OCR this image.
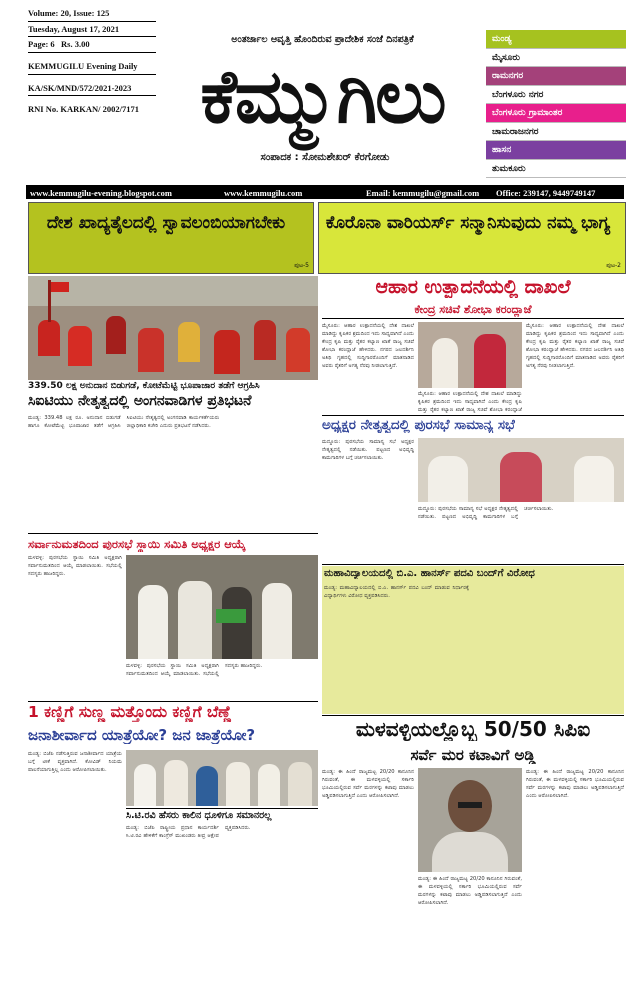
Volume: 20, Issue: 125
Tuesday, August 17, 2021
Page: 6 Rs. 3.00
KEMMUGILU Evening Daily
KA/SK/MND/572/2021-2023
RNI No. KARKAN/ 2002/7171
ಅಂತರ್ಜಾಲ ಆವೃತ್ತಿ ಹೊಂದಿರುವ ಪ್ರಾದೇಶಿಕ ಸಂಜೆ ದಿನಪತ್ರಿಕೆ
ಕೆಮ್ಮುಗಿಲು
ಸಂಪಾದಕ : ಸೋಮಶೇಖರ್ ಕೆರಗೋಡು
ಮಂಡ್ಯ
ಮೈಸೂರು
ರಾಮನಗರ
ಬೆಂಗಳೂರು ನಗರ
ಬೆಂಗಳೂರು ಗ್ರಾಮಾಂತರ
ಚಾಮರಾಜನಗರ
ಹಾಸನ
ತುಮಕೂರು
www.kemmugilu-evening.blogspot.com	www.kemmugilu.com	Email: kemmugilu@gmail.com Office: 239147, 9449749147
ದೇಶ ಖಾದ್ಯತೈಲದಲ್ಲಿ ಸ್ವಾವಲಂಬಿಯಾಗಬೇಕು
ಪುಟ-5
ಕೊರೊನಾ ವಾರಿಯರ್ಸ್ ಸನ್ಮಾನಿಸುವುದು ನಮ್ಮ ಭಾಗ್ಯ
ಪುಟ-2
339.50 ಲಕ್ಷ ಅನುದಾನ ಬಿಡುಗಡೆ, ಕೋಟೆಮೆಟ್ಟಿ ಭೂಪಾಜಾರ ತಡೆಗೆ ಆಗ್ರಹಿಸಿ
ಸಿಐಟಿಯು ನೇತೃತ್ವದಲ್ಲಿ ಅಂಗನವಾಡಿಗಳ ಪ್ರತಿಭಟನೆ
ಮಂಡ್ಯ: 339.48 ಲಕ್ಷ ರೂ. ಅನುದಾನ ಬಿಡುಗಡೆ ಹಾಗೂ ಕೋಟೆಮೆಟ್ಟಿ ಭೂಪಾಜಾರ ತಡೆಗೆ ಆಗ್ರಹಿಸಿ ಸಿಐಟಿಯು ನೇತೃತ್ವದಲ್ಲಿ ಅಂಗನವಾಡಿ ಕಾರ್ಯಕರ್ತೆಯರು ಜಿಲ್ಲಾಧಿಕಾರಿ ಕಚೇರಿ ಎದುರು ಪ್ರತಿಭಟನೆ ನಡೆಸಿದರು.
ಸರ್ವಾನುಮತದಿಂದ ಪುರಸಭೆ ಸ್ಥಾಯಿ ಸಮಿತಿ ಅಧ್ಯಕ್ಷರ ಆಯ್ಕೆ
ಮಳವಳ್ಳಿ: ಪುರಸಭೆಯ ಸ್ಥಾಯಿ ಸಮಿತಿ ಅಧ್ಯಕ್ಷರಾಗಿ ಸರ್ವಾನುಮತದಿಂದ ಆಯ್ಕೆ ಮಾಡಲಾಯಿತು. ಸಭೆಯಲ್ಲಿ ಸದಸ್ಯರು ಹಾಜರಿದ್ದರು.
ಮಳವಳ್ಳಿ: ಪುರಸಭೆಯ ಸ್ಥಾಯಿ ಸಮಿತಿ ಅಧ್ಯಕ್ಷರಾಗಿ ಸರ್ವಾನುಮತದಿಂದ ಆಯ್ಕೆ ಮಾಡಲಾಯಿತು. ಸಭೆಯಲ್ಲಿ ಸದಸ್ಯರು ಹಾಜರಿದ್ದರು.
1 ಕಣ್ಣಿಗೆ ಸುಣ್ಣ ಮತ್ತೊಂದು ಕಣ್ಣಿಗೆ ಬೆಣ್ಣೆ
ಜನಾಶೀರ್ವಾದ ಯಾತ್ರೆಯೋ? ಜನ ಜಾತ್ರೆಯೋ?
ಮಂಡ್ಯ: ಬಿಜೆಪಿ ನಡೆಸುತ್ತಿರುವ ಜನಾಶೀರ್ವಾದ ಯಾತ್ರೆಯ ಬಗ್ಗೆ ಟೀಕೆ ವ್ಯಕ್ತವಾಗಿದೆ. ಕೋವಿಡ್ ನಿಯಮ ಪಾಲನೆಯಾಗುತ್ತಿಲ್ಲ ಎಂದು ಆರೋಪಿಸಲಾಯಿತು.
ಸಿ.ಟಿ.ರವಿ ಹೆಸರು ಕಾಲಿನ ಧೂಳಿಗೂ ಸಮಾನರಲ್ಲ
ಮಂಡ್ಯ: ಬಿಜೆಪಿ ರಾಷ್ಟ್ರೀಯ ಪ್ರಧಾನ ಕಾರ್ಯದರ್ಶಿ ಸಿ.ಟಿ.ರವಿ ಹೇಳಿಕೆಗೆ ಕಾಂಗ್ರೆಸ್ ಮುಖಂಡರು ತೀವ್ರ ಆಕ್ಷೇಪ ವ್ಯಕ್ತಪಡಿಸಿದರು.
ಆಹಾರ ಉತ್ಪಾದನೆಯಲ್ಲಿ ದಾಖಲೆ
ಕೇಂದ್ರ ಸಚಿವೆ ಶೋಭಾ ಕರಂದ್ಲಾಜೆ
ಮೈಸೂರು: ಆಹಾರ ಉತ್ಪಾದನೆಯಲ್ಲಿ ದೇಶ ದಾಖಲೆ ಮಾಡಿದ್ದು ಕೃಷಿಕರ ಶ್ರಮದಿಂದ ಇದು ಸಾಧ್ಯವಾಗಿದೆ ಎಂದು ಕೇಂದ್ರ ಕೃಷಿ ಮತ್ತು ರೈತರ ಕಲ್ಯಾಣ ಖಾತೆ ರಾಜ್ಯ ಸಚಿವೆ ಶೋಭಾ ಕರಂದ್ಲಾಜೆ ಹೇಳಿದರು. ನಗರದ ಜಲದರ್ಶಿನಿ ಅತಿಥಿ ಗೃಹದಲ್ಲಿ ಸುದ್ದಿಗಾರರೊಂದಿಗೆ ಮಾತನಾಡಿದ ಅವರು ರೈತರಿಗೆ ಅಗತ್ಯ ನೆರವು ನೀಡಲಾಗುತ್ತಿದೆ.
ಮೈಸೂರು: ಆಹಾರ ಉತ್ಪಾದನೆಯಲ್ಲಿ ದೇಶ ದಾಖಲೆ ಮಾಡಿದ್ದು ಕೃಷಿಕರ ಶ್ರಮದಿಂದ ಇದು ಸಾಧ್ಯವಾಗಿದೆ ಎಂದು ಕೇಂದ್ರ ಕೃಷಿ ಮತ್ತು ರೈತರ ಕಲ್ಯಾಣ ಖಾತೆ ರಾಜ್ಯ ಸಚಿವೆ ಶೋಭಾ ಕರಂದ್ಲಾಜೆ ಹೇಳಿದರು. ನಗರದ ಜಲದರ್ಶಿನಿ ಅತಿಥಿ ಗೃಹದಲ್ಲಿ ಸುದ್ದಿಗಾರರೊಂದಿಗೆ ಮಾತನಾಡಿದ ಅವರು ರೈತರಿಗೆ ಅಗತ್ಯ ನೆರವು ನೀಡಲಾಗುತ್ತಿದೆ.
ಮೈಸೂರು: ಆಹಾರ ಉತ್ಪಾದನೆಯಲ್ಲಿ ದೇಶ ದಾಖಲೆ ಮಾಡಿದ್ದು ಕೃಷಿಕರ ಶ್ರಮದಿಂದ ಇದು ಸಾಧ್ಯವಾಗಿದೆ ಎಂದು ಕೇಂದ್ರ ಕೃಷಿ ಮತ್ತು ರೈತರ ಕಲ್ಯಾಣ ಖಾತೆ ರಾಜ್ಯ ಸಚಿವೆ ಶೋಭಾ ಕರಂದ್ಲಾಜೆ
ಅಧ್ಯಕ್ಷರ ನೇತೃತ್ವದಲ್ಲಿ ಪುರಸಭೆ ಸಾಮಾನ್ಯ ಸಭೆ
ಮದ್ದೂರು: ಪುರಸಭೆಯ ಸಾಮಾನ್ಯ ಸಭೆ ಅಧ್ಯಕ್ಷರ ನೇತೃತ್ವದಲ್ಲಿ ನಡೆಯಿತು. ಪಟ್ಟಣದ ಅಭಿವೃದ್ಧಿ ಕಾಮಗಾರಿಗಳ ಬಗ್ಗೆ ಚರ್ಚಿಸಲಾಯಿತು.
ಮದ್ದೂರು: ಪುರಸಭೆಯ ಸಾಮಾನ್ಯ ಸಭೆ ಅಧ್ಯಕ್ಷರ ನೇತೃತ್ವದಲ್ಲಿ ನಡೆಯಿತು. ಪಟ್ಟಣದ ಅಭಿವೃದ್ಧಿ ಕಾಮಗಾರಿಗಳ ಬಗ್ಗೆ ಚರ್ಚಿಸಲಾಯಿತು.
ಮಹಾವಿದ್ಯಾಲಯದಲ್ಲಿ ಬಿ.ಎ. ಹಾನರ್ಸ್ ಪದವಿ ಬಂದ್‌ಗೆ ವಿರೋಧ
ಮಂಡ್ಯ: ಮಹಾವಿದ್ಯಾಲಯದಲ್ಲಿ ಬಿ.ಎ. ಹಾನರ್ಸ್ ಪದವಿ ಬಂದ್ ಮಾಡುವ ನಿರ್ಧಾರಕ್ಕೆ ವಿದ್ಯಾರ್ಥಿಗಳು ವಿರೋಧ ವ್ಯಕ್ತಪಡಿಸಿದರು.
ಮಳವಳ್ಳಿಯಲ್ಲೊಬ್ಬ 50/50 ಸಿಪಿಐ
ಸರ್ವೆ ಮರ ಕಟಾವಿಗೆ ಅಡ್ಡಿ
ಮಂಡ್ಯ: ಈ ಹಿಂದೆ ರಾಜ್ಯಮಟ್ಟ 20/20 ಕಾನೂನಿನ ಗಿರುವಂತೆ, ಈ ಮಳವಳ್ಳಿಯಲ್ಲಿ ಸರ್ಕಾರಿ ಭೂಮಿಯಲ್ಲಿರುವ ಸರ್ವೆ ಮರಗಳನ್ನು ಕಟಾವು ಮಾಡಲು ಅಡ್ಡಿಪಡಿಸಲಾಗುತ್ತಿದೆ ಎಂದು ಆರೋಪಿಸಲಾಗಿದೆ.
ಮಂಡ್ಯ: ಈ ಹಿಂದೆ ರಾಜ್ಯಮಟ್ಟ 20/20 ಕಾನೂನಿನ ಗಿರುವಂತೆ, ಈ ಮಳವಳ್ಳಿಯಲ್ಲಿ ಸರ್ಕಾರಿ ಭೂಮಿಯಲ್ಲಿರುವ ಸರ್ವೆ ಮರಗಳನ್ನು ಕಟಾವು ಮಾಡಲು ಅಡ್ಡಿಪಡಿಸಲಾಗುತ್ತಿದೆ ಎಂದು ಆರೋಪಿಸಲಾಗಿದೆ.
ಮಂಡ್ಯ: ಈ ಹಿಂದೆ ರಾಜ್ಯಮಟ್ಟ 20/20 ಕಾನೂನಿನ ಗಿರುವಂತೆ, ಈ ಮಳವಳ್ಳಿಯಲ್ಲಿ ಸರ್ಕಾರಿ ಭೂಮಿಯಲ್ಲಿರುವ ಸರ್ವೆ ಮರಗಳನ್ನು ಕಟಾವು ಮಾಡಲು ಅಡ್ಡಿಪಡಿಸಲಾಗುತ್ತಿದೆ ಎಂದು ಆರೋಪಿಸಲಾಗಿದೆ.
